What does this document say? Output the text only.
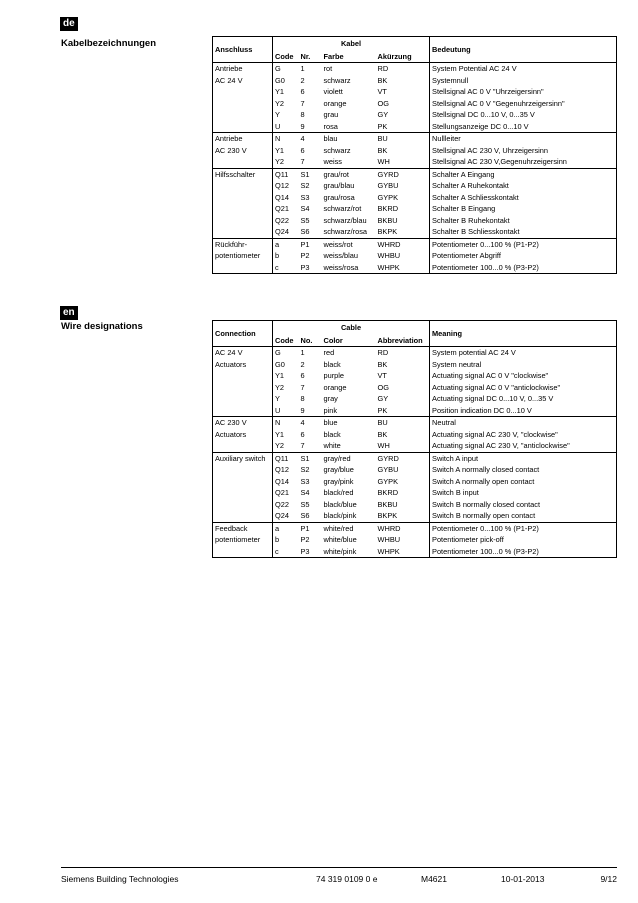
de
Kabelbezeichnungen
Anschluss	Kabel				Bedeutung
	Code	Nr.	Farbe	Akürzung	
Antriebe	G	1	rot	RD	System Potential AC 24 V
AC 24 V	G0	2	schwarz	BK	Systemnull
	Y1	6	violett	VT	Stellsignal AC 0 V "Uhrzeigersinn"
	Y2	7	orange	OG	Stellsignal AC 0 V "Gegenuhrzeigersinn"
	Y	8	grau	GY	Stellsignal DC 0...10 V, 0...35 V
	U	9	rosa	PK	Stellungsanzeige DC 0...10 V
Antriebe	N	4	blau	BU	Nullleiter
AC 230 V	Y1	6	schwarz	BK	Stellsignal AC 230 V, Uhrzeigersinn
	Y2	7	weiss	WH	Stellsignal AC 230 V,Gegenuhrzeigersinn
Hilfsschalter	Q11	S1	grau/rot	GYRD	Schalter A Eingang
	Q12	S2	grau/blau	GYBU	Schalter A Ruhekontakt
	Q14	S3	grau/rosa	GYPK	Schalter A Schliesskontakt
	Q21	S4	schwarz/rot	BKRD	Schalter B Eingang
	Q22	S5	schwarz/blau	BKBU	Schalter B Ruhekontakt
	Q24	S6	schwarz/rosa	BKPK	Schalter B Schliesskontakt
Rückführ-	a	P1	weiss/rot	WHRD	Potentiometer 0...100 % (P1-P2)
potentiometer	b	P2	weiss/blau	WHBU	Potentiometer Abgriff
	c	P3	weiss/rosa	WHPK	Potentiometer 100...0 % (P3-P2)
en
Wire designations
Connection	Cable				Meaning
	Code	No.	Color	Abbreviation	
AC 24 V	G	1	red	RD	System potential AC 24 V
Actuators	G0	2	black	BK	System neutral
	Y1	6	purple	VT	Actuating signal AC 0 V "clockwise"
	Y2	7	orange	OG	Actuating signal AC 0 V "anticlockwise"
	Y	8	gray	GY	Actuating signal DC 0...10 V, 0...35 V
	U	9	pink	PK	Position indication DC 0...10 V
AC 230 V	N	4	blue	BU	Neutral
Actuators	Y1	6	black	BK	Actuating signal AC 230 V, "clockwise"
	Y2	7	white	WH	Actuating signal AC 230 V, "anticlockwise"
Auxiliary switch	Q11	S1	gray/red	GYRD	Switch A input
	Q12	S2	gray/blue	GYBU	Switch A normally closed contact
	Q14	S3	gray/pink	GYPK	Switch A normally open contact
	Q21	S4	black/red	BKRD	Switch B input
	Q22	S5	black/blue	BKBU	Switch B normally closed contact
	Q24	S6	black/pink	BKPK	Switch B normally open contact
Feedback	a	P1	white/red	WHRD	Potentiometer 0...100 % (P1-P2)
potentiometer	b	P2	white/blue	WHBU	Potentiometer pick-off
	c	P3	white/pink	WHPK	Potentiometer 100...0 % (P3-P2)
Siemens Building Technologies	74 319 0109 0 e	M4621	10-01-2013	9/12
